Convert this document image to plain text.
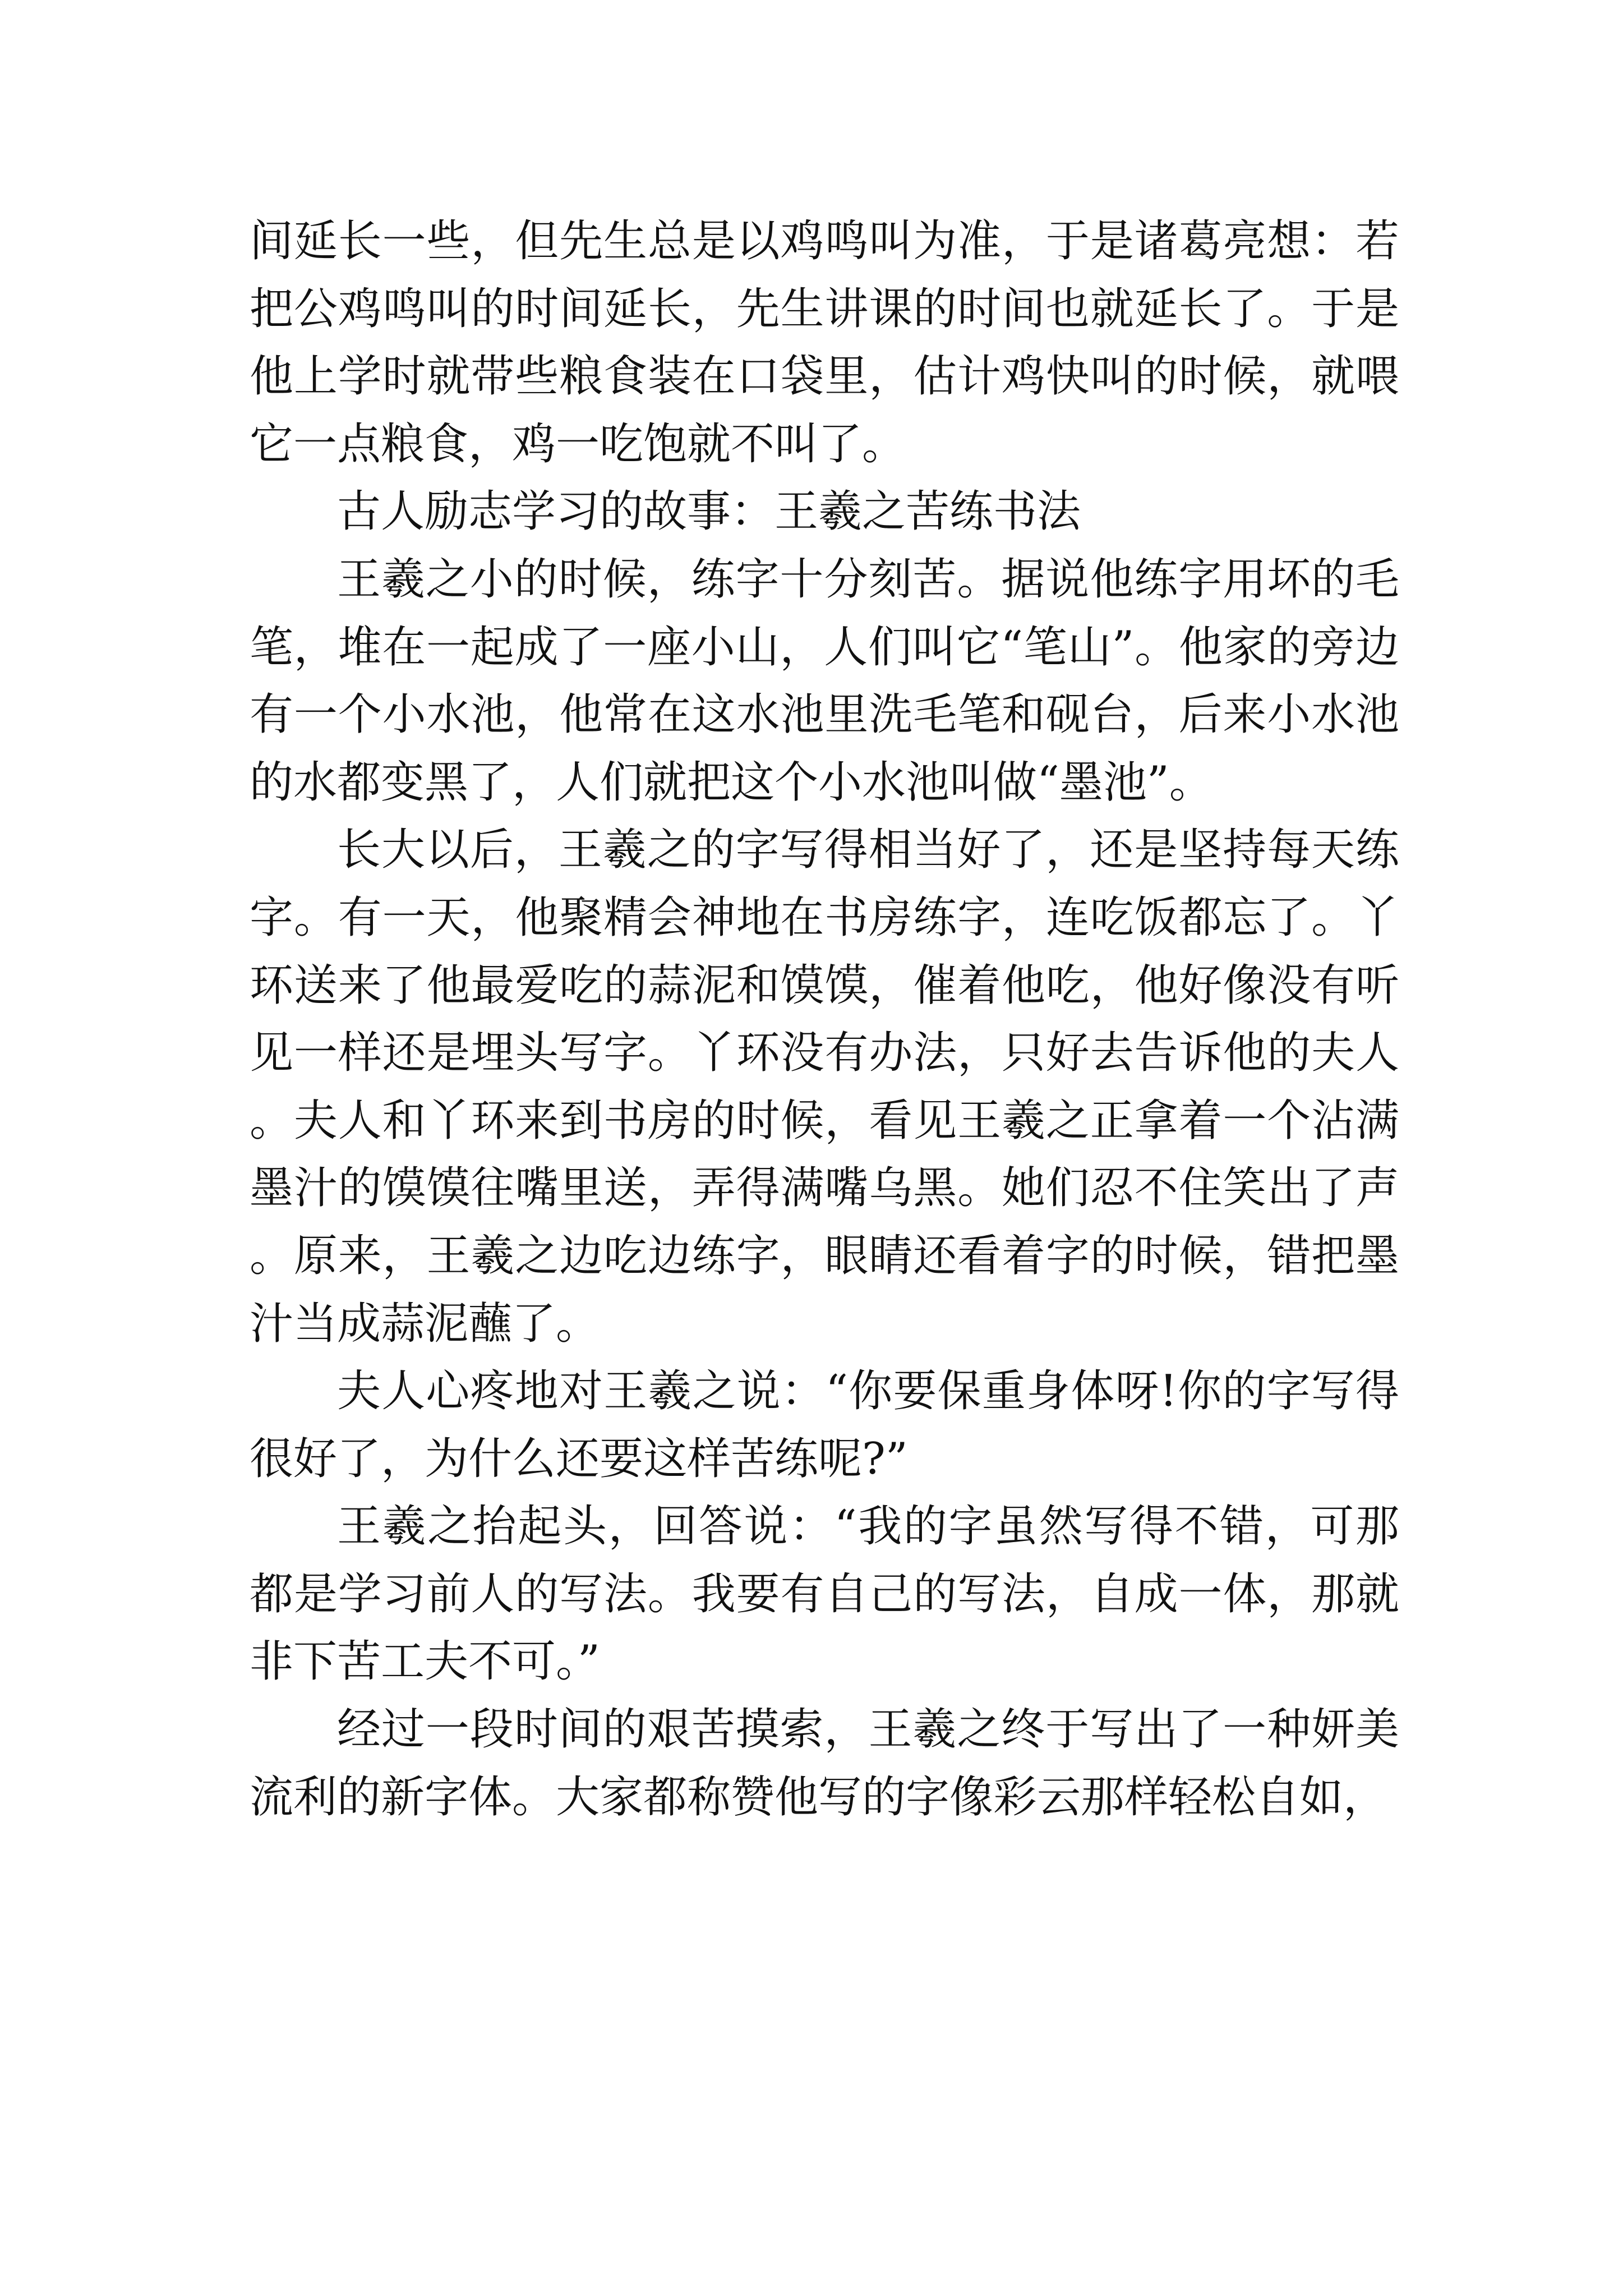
间延长一些，但先生总是以鸡鸣叫为准，于是诸葛亮想：若把公鸡鸣叫的时间延长，先生讲课的时间也就延长了。于是他上学时就带些粮食装在口袋里，估计鸡快叫的时候，就喂它一点粮食，鸡一吃饱就不叫了。

古人励志学习的故事：王羲之苦练书法

王羲之小的时候，练字十分刻苦。据说他练字用坏的毛笔，堆在一起成了一座小山，人们叫它“笔山”。他家的旁边有一个小水池，他常在这水池里洗毛笔和砚台，后来小水池的水都变黑了，人们就把这个小水池叫做“墨池”。

长大以后，王羲之的字写得相当好了，还是坚持每天练字。有一天，他聚精会神地在书房练字，连吃饭都忘了。丫环送来了他最爱吃的蒜泥和馍馍，催着他吃，他好像没有听见一样还是埋头写字。丫环没有办法，只好去告诉他的夫人。夫人和丫环来到书房的时候，看见王羲之正拿着一个沾满墨汁的馍馍往嘴里送，弄得满嘴乌黑。她们忍不住笑出了声。原来，王羲之边吃边练字，眼睛还看着字的时候，错把墨汁当成蒜泥蘸了。

夫人心疼地对王羲之说：“你要保重身体呀!你的字写得很好了，为什么还要这样苦练呢?”

王羲之抬起头，回答说：“我的字虽然写得不错，可那都是学习前人的写法。我要有自己的写法，自成一体，那就非下苦工夫不可。”

经过一段时间的艰苦摸索，王羲之终于写出了一种妍美流利的新字体。大家都称赞他写的字像彩云那样轻松自如，
